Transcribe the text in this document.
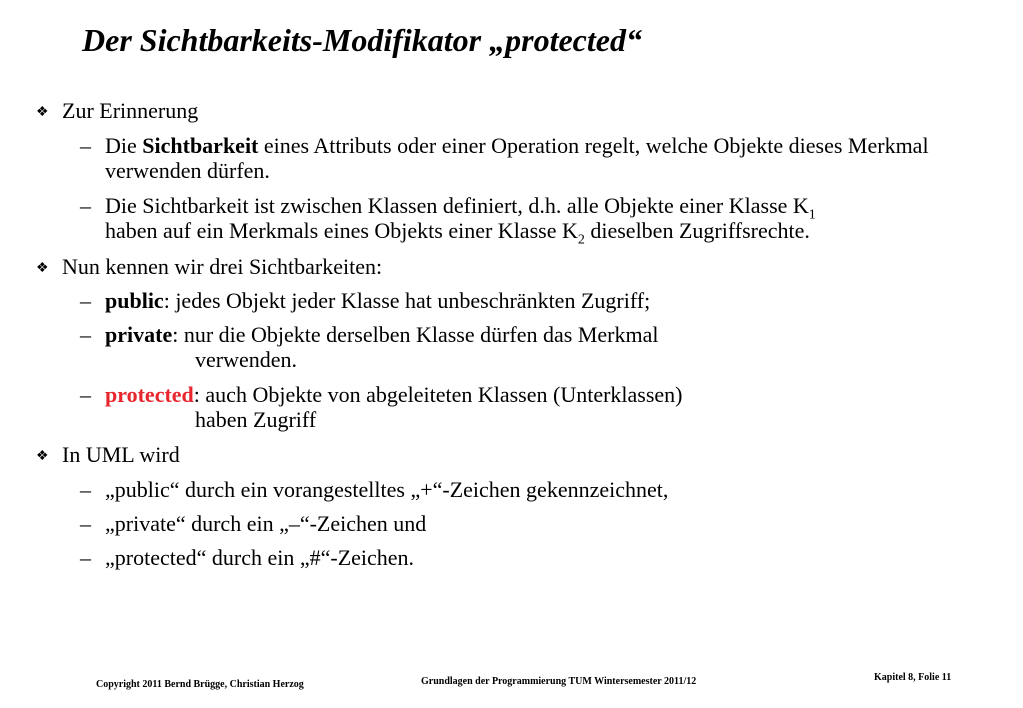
Der Sichtbarkeits-Modifikator „protected“
❖ Zur Erinnerung
– Die Sichtbarkeit eines Attributs oder einer Operation regelt, welche Objekte dieses Merkmal verwenden dürfen.
– Die Sichtbarkeit ist zwischen Klassen definiert, d.h. alle Objekte einer Klasse $K_1$
haben auf ein Merkmals eines Objekts einer Klasse $K_2$ dieselben Zugriffsrechte.
❖ Nun kennen wir drei Sichtbarkeiten:
– public: jedes Objekt jeder Klasse hat unbeschränkten Zugriff;
– private: nur die Objekte derselben Klasse dürfen das Merkmal
verwenden.
– protected: auch Objekte von abgeleiteten Klassen (Unterklassen)
haben Zugriff
❖ In UML wird
– „public“ durch ein vorangestelltes „+“-Zeichen gekennzeichnet,
– „private“ durch ein „–“-Zeichen und
– „protected“ durch ein „#“-Zeichen.
Copyright 2011 Bernd Brügge, Christian Herzog	Grundlagen der Programmierung TUM Wintersemester 2011/12	Kapitel 8, Folie 11
